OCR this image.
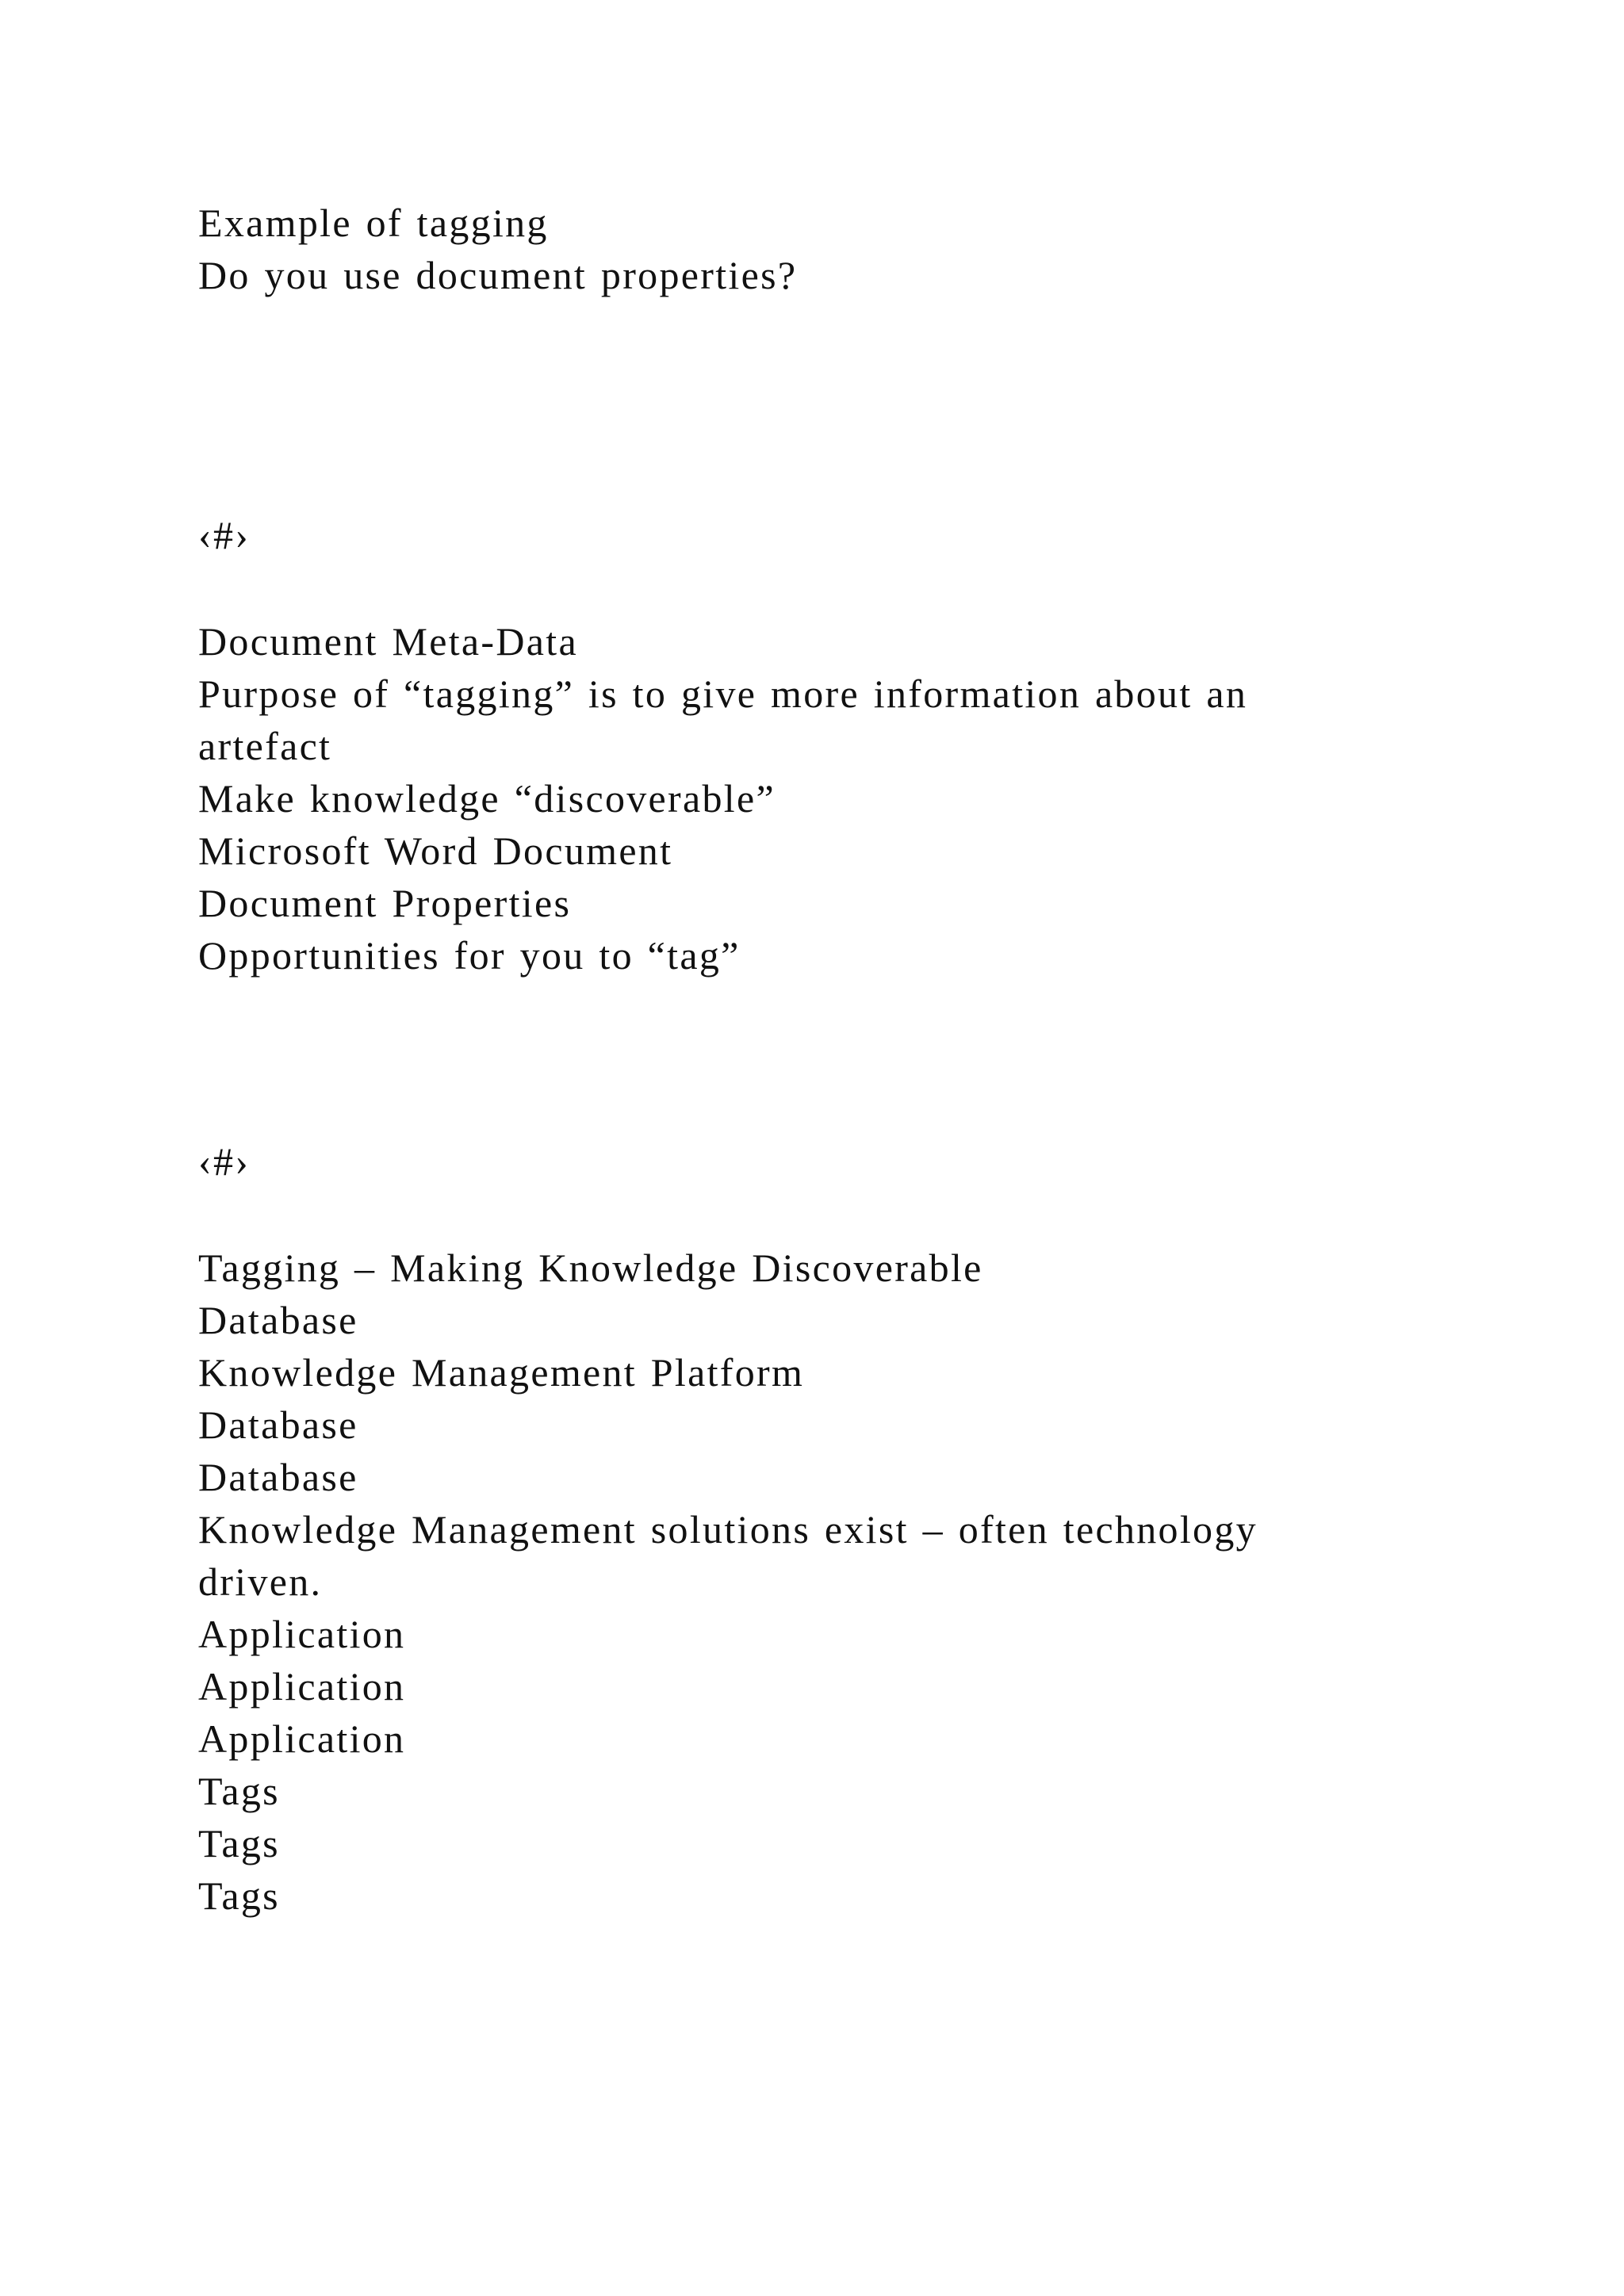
Example of tagging
Do you use document properties?
‹#›
Document Meta-Data
Purpose of “tagging” is to give more information about an
artefact
Make knowledge “discoverable”
Microsoft Word Document
Document Properties
Opportunities for you to “tag”
‹#›
Tagging – Making Knowledge Discoverable
Database
Knowledge Management Platform
Database
Database
Knowledge Management solutions exist – often technology
driven.
Application
Application
Application
Tags
Tags
Tags
